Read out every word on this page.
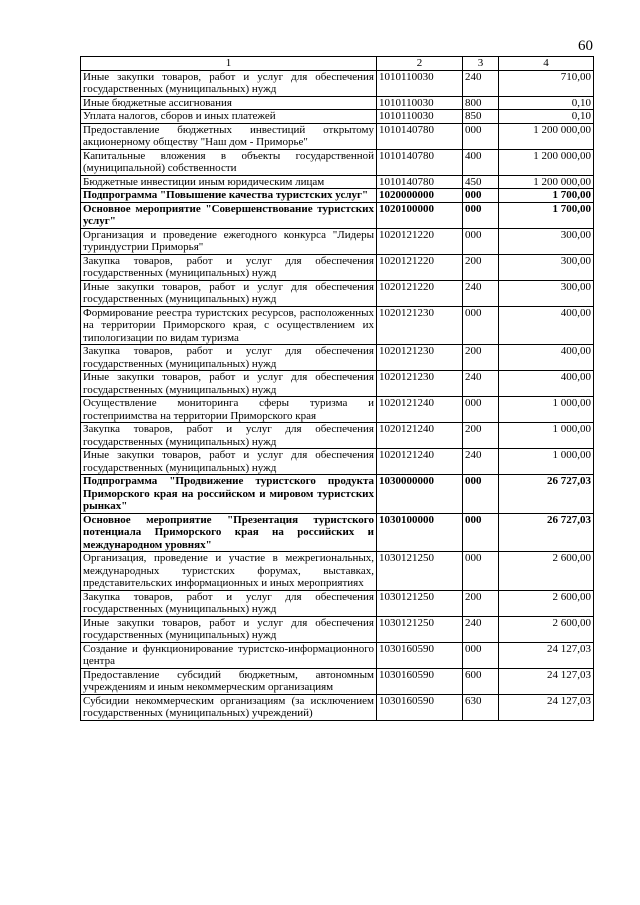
60
1	2	3	4
Иные закупки товаров, работ и услуг для обеспечения государственных (муниципальных) нужд	1010110030	240	710,00
Иные бюджетные ассигнования	1010110030	800	0,10
Уплата налогов, сборов и иных платежей	1010110030	850	0,10
Предоставление бюджетных инвестиций открытому акционерному обществу "Наш дом - Приморье"	1010140780	000	1 200 000,00
Капитальные вложения в объекты государственной (муниципальной) собственности	1010140780	400	1 200 000,00
Бюджетные инвестиции иным юридическим лицам	1010140780	450	1 200 000,00
Подпрограмма "Повышение качества туристских услуг"	1020000000	000	1 700,00
Основное мероприятие "Совершенствование туристских услуг"	1020100000	000	1 700,00
Организация и проведение ежегодного конкурса "Лидеры туриндустрии Приморья"	1020121220	000	300,00
Закупка товаров, работ и услуг для обеспечения государственных (муниципальных) нужд	1020121220	200	300,00
Иные закупки товаров, работ и услуг для обеспечения государственных (муниципальных) нужд	1020121220	240	300,00
Формирование реестра туристских ресурсов, расположенных на территории Приморского края, с осуществлением их типологизации по видам туризма	1020121230	000	400,00
Закупка товаров, работ и услуг для обеспечения государственных (муниципальных) нужд	1020121230	200	400,00
Иные закупки товаров, работ и услуг для обеспечения государственных (муниципальных) нужд	1020121230	240	400,00
Осуществление мониторинга сферы туризма и гостеприимства на территории Приморского края	1020121240	000	1 000,00
Закупка товаров, работ и услуг для обеспечения государственных (муниципальных) нужд	1020121240	200	1 000,00
Иные закупки товаров, работ и услуг для обеспечения государственных (муниципальных) нужд	1020121240	240	1 000,00
Подпрограмма "Продвижение туристского продукта Приморского края на российском и мировом туристских рынках"	1030000000	000	26 727,03
Основное мероприятие "Презентация туристского потенциала Приморского края на российских и международном уровнях"	1030100000	000	26 727,03
Организация, проведение и участие в межрегиональных, международных туристских форумах, выставках, представительских информационных и иных мероприятиях	1030121250	000	2 600,00
Закупка товаров, работ и услуг для обеспечения государственных (муниципальных) нужд	1030121250	200	2 600,00
Иные закупки товаров, работ и услуг для обеспечения государственных (муниципальных) нужд	1030121250	240	2 600,00
Создание и функционирование туристско-информационного центра	1030160590	000	24 127,03
Предоставление субсидий бюджетным, автономным учреждениям и иным некоммерческим организациям	1030160590	600	24 127,03
Субсидии некоммерческим организациям (за исключением государственных (муниципальных) учреждений)	1030160590	630	24 127,03
